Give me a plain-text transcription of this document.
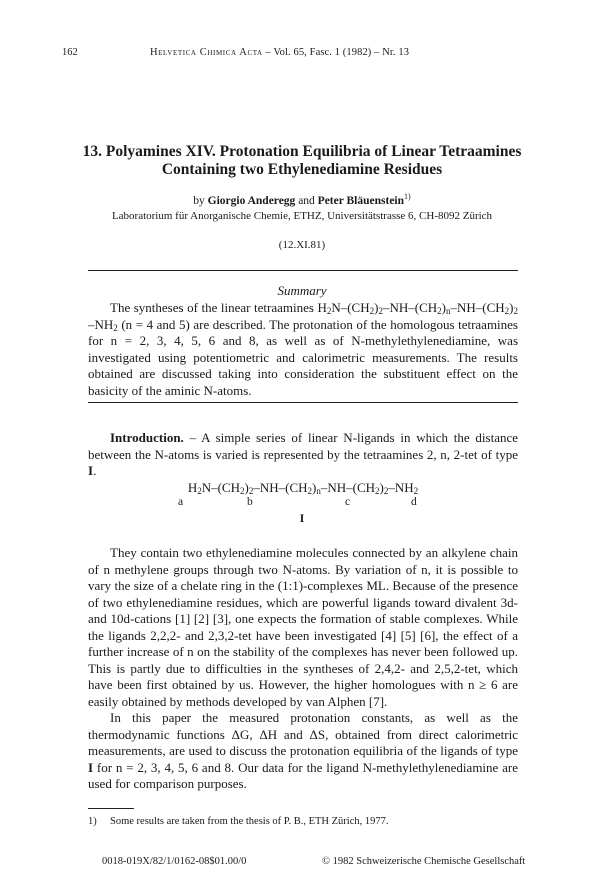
162	Helvetica Chimica Acta – Vol. 65, Fasc. 1 (1982) – Nr. 13
13. Polyamines XIV. Protonation Equilibria of Linear Tetraamines
Containing two Ethylenediamine Residues
by Giorgio Anderegg and Peter Bläuenstein$^{1)}$
Laboratorium für Anorganische Chemie, ETHZ, Universitätstrasse 6, CH-8092 Zürich
(12.XI.81)
Summary
The syntheses of the linear tetraamines $H_2N-(CH_2)_2-NH-(CH_2)_n-NH-(CH_2)_2$ $-NH_2$ (n = 4 and 5) are described. The protonation of the homologous tetraamines for n = 2, 3, 4, 5, 6 and 8, as well as of N-methylethylenediamine, was investigated using potentiometric and calorimetric measurements. The results obtained are discussed taking into consideration the substituent effect on the basicity of the aminic N-atoms.
Introduction. – A simple series of linear N-ligands in which the distance between the N-atoms is varied is represented by the tetraamines 2, n, 2-tet of type I.
$H_2N-(CH_2)_2-NH-(CH_2)_n-NH-(CH_2)_2-NH_2$
a	b	c	d
I
They contain two ethylenediamine molecules connected by an alkylene chain of n methylene groups through two N-atoms. By variation of n, it is possible to vary the size of a chelate ring in the (1:1)-complexes ML. Because of the presence of two ethylenediamine residues, which are powerful ligands toward divalent 3d- and 10d-cations [1] [2] [3], one expects the formation of stable complexes. While the ligands 2,2,2- and 2,3,2-tet have been investigated [4] [5] [6], the effect of a further increase of n on the stability of the complexes has never been followed up. This is partly due to difficulties in the syntheses of 2,4,2- and 2,5,2-tet, which have been first obtained by us. However, the higher homologues with n ≥ 6 are easily obtained by methods developed by van Alphen [7].
In this paper the measured protonation constants, as well as the thermodynamic functions ΔG, ΔH and ΔS, obtained from direct calorimetric measurements, are used to discuss the protonation equilibria of the ligands of type I for n = 2, 3, 4, 5, 6 and 8. Our data for the ligand N-methylethylenediamine are used for comparison purposes.
1) Some results are taken from the thesis of P. B., ETH Zürich, 1977.
0018-019X/82/1/0162-08$01.00/0	© 1982 Schweizerische Chemische Gesellschaft
